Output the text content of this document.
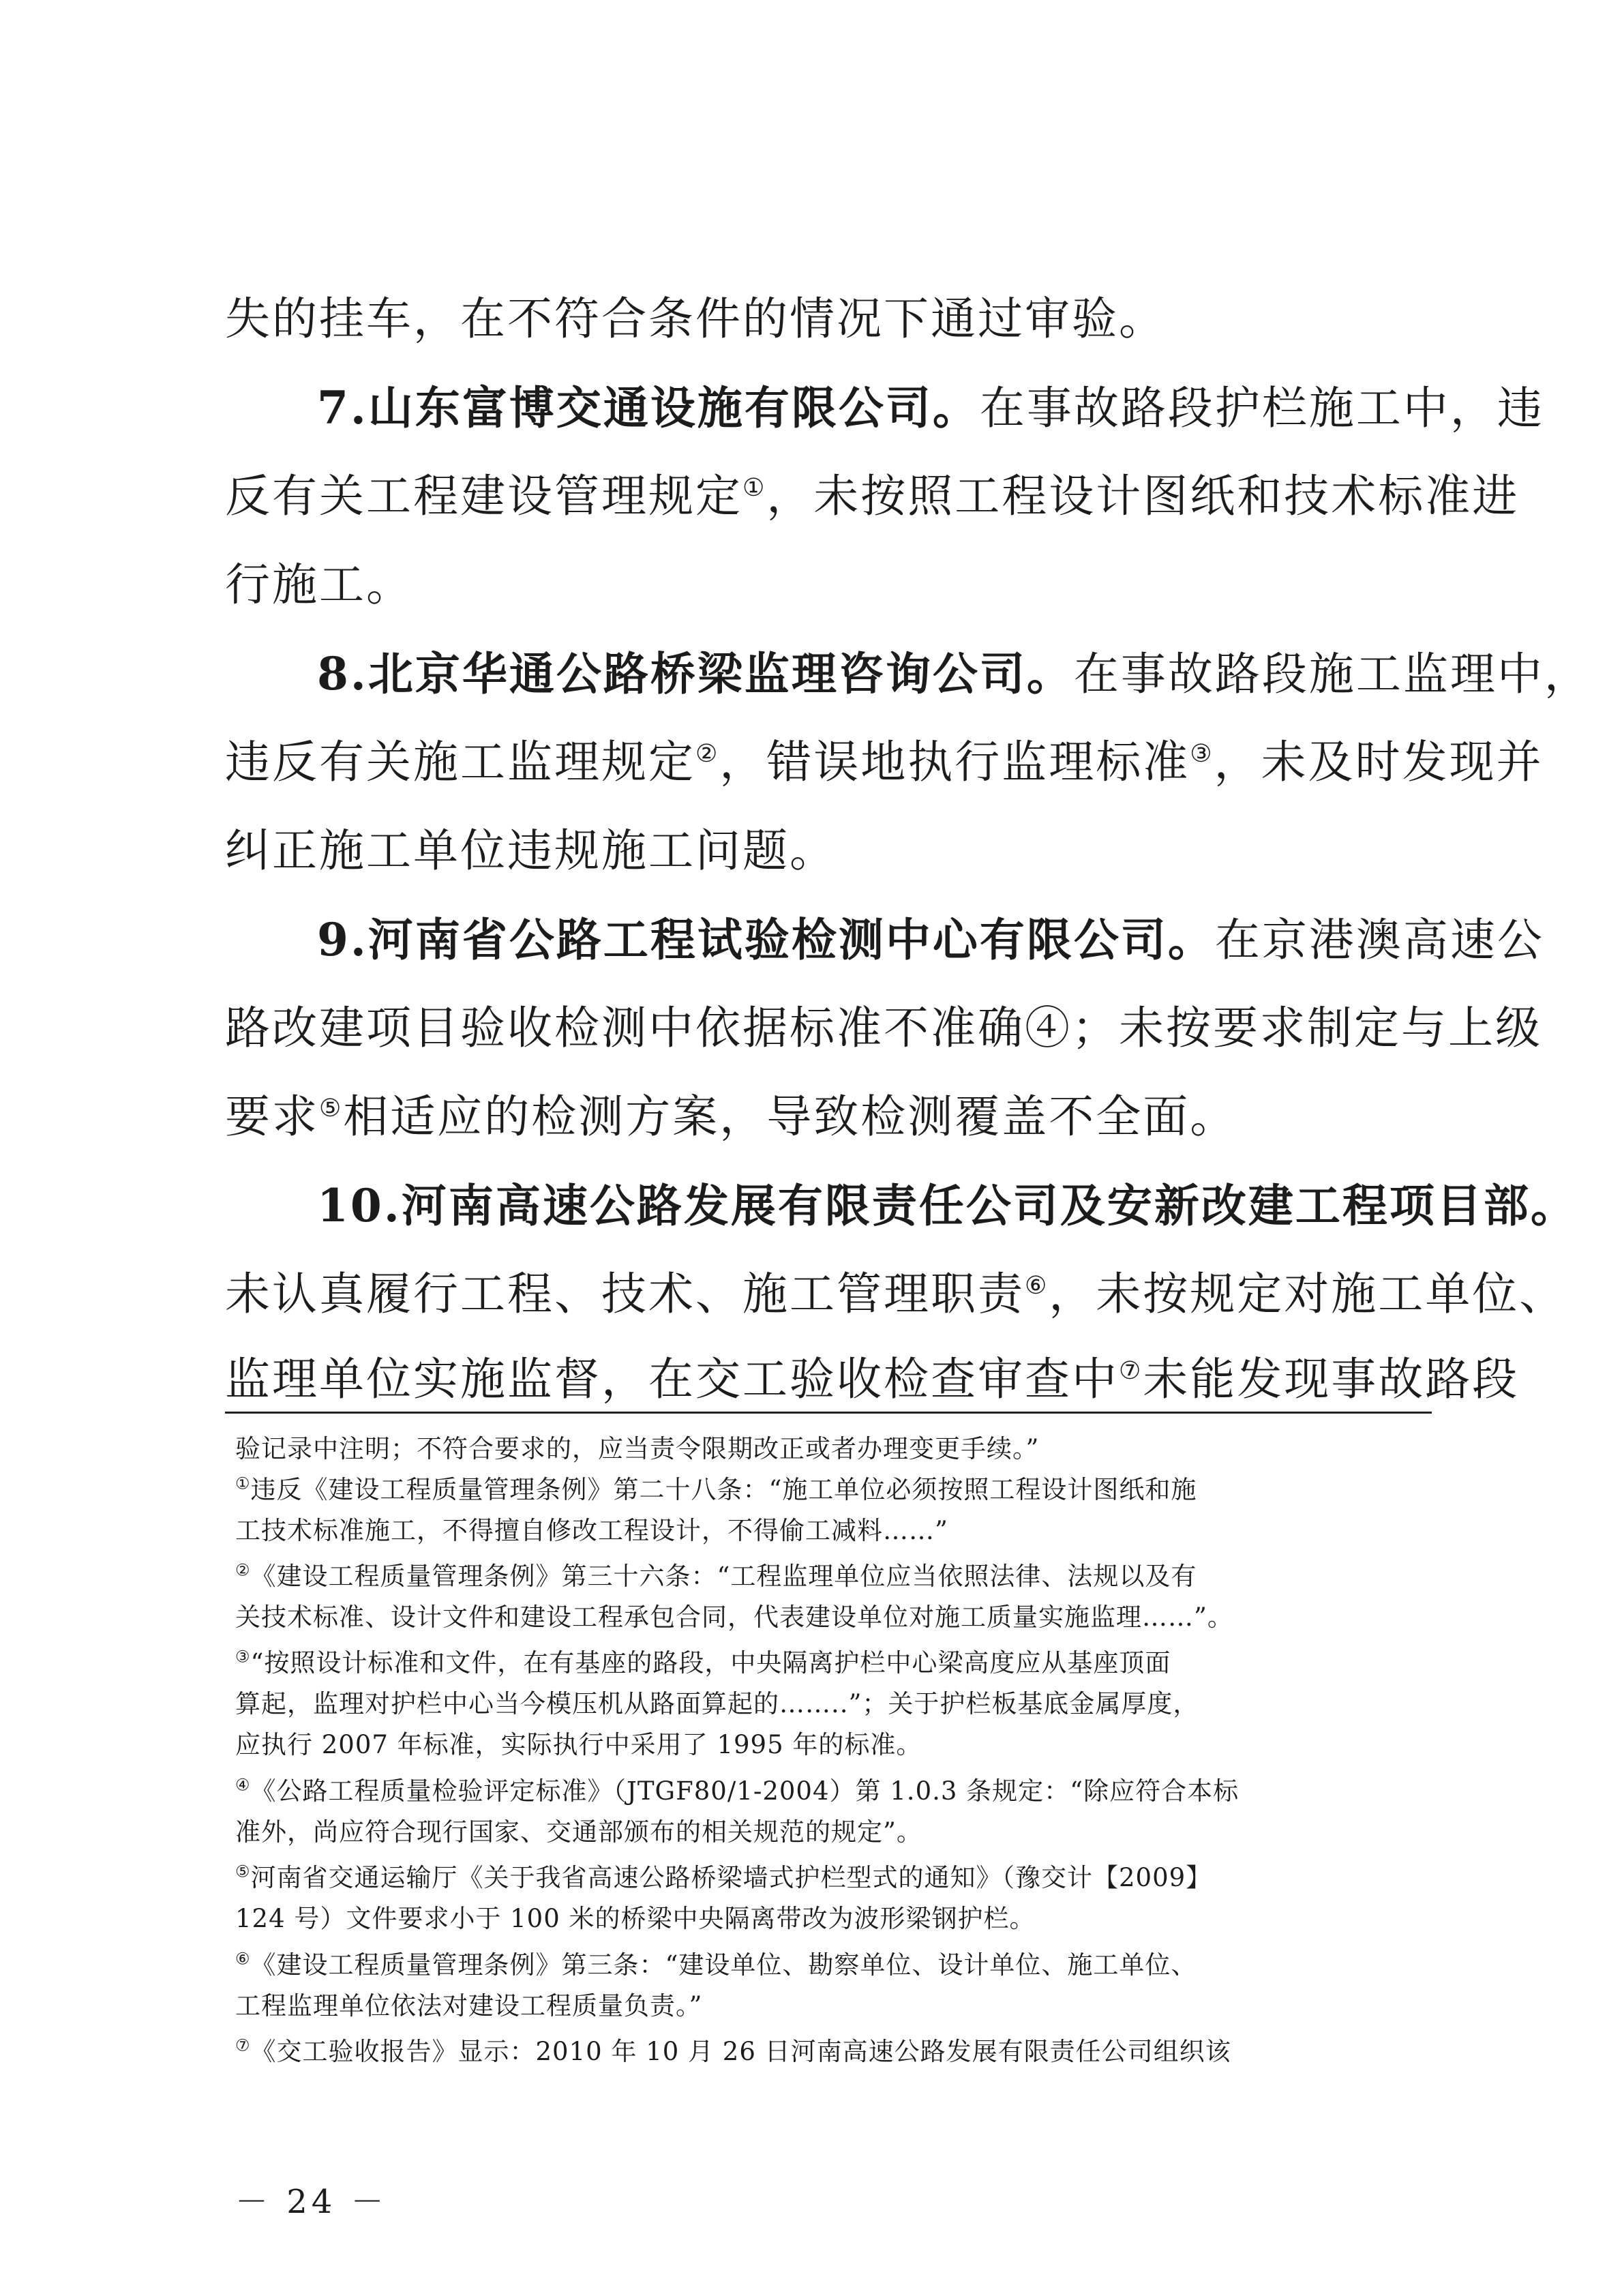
失的挂车，在不符合条件的情况下通过审验。
7.山东富博交通设施有限公司。在事故路段护栏施工中，违
反有关工程建设管理规定①，未按照工程设计图纸和技术标准进
行施工。
8.北京华通公路桥梁监理咨询公司。在事故路段施工监理中，
违反有关施工监理规定②，错误地执行监理标准③，未及时发现并
纠正施工单位违规施工问题。
9.河南省公路工程试验检测中心有限公司。在京港澳高速公
路改建项目验收检测中依据标准不准确④；未按要求制定与上级
要求⑤相适应的检测方案，导致检测覆盖不全面。
10.河南高速公路发展有限责任公司及安新改建工程项目部。
未认真履行工程、技术、施工管理职责⑥，未按规定对施工单位、
监理单位实施监督，在交工验收检查审查中⑦未能发现事故路段
验记录中注明；不符合要求的，应当责令限期改正或者办理变更手续。”
①违反《建设工程质量管理条例》第二十八条：“施工单位必须按照工程设计图纸和施
工技术标准施工，不得擅自修改工程设计，不得偷工减料……”
②《建设工程质量管理条例》第三十六条：“工程监理单位应当依照法律、法规以及有
关技术标准、设计文件和建设工程承包合同，代表建设单位对施工质量实施监理……”。
③“按照设计标准和文件，在有基座的路段，中央隔离护栏中心梁高度应从基座顶面
算起，监理对护栏中心当今模压机从路面算起的……..”；关于护栏板基底金属厚度，
应执行 2007 年标准，实际执行中采用了 1995 年的标准。
④《公路工程质量检验评定标准》（JTGF80/1-2004）第 1.0.3 条规定：“除应符合本标
准外，尚应符合现行国家、交通部颁布的相关规范的规定”。
⑤河南省交通运输厅《关于我省高速公路桥梁墙式护栏型式的通知》（豫交计【2009】
124 号）文件要求小于 100 米的桥梁中央隔离带改为波形梁钢护栏。
⑥《建设工程质量管理条例》第三条：“建设单位、勘察单位、设计单位、施工单位、
工程监理单位依法对建设工程质量负责。”
⑦《交工验收报告》显示：2010 年 10 月 26 日河南高速公路发展有限责任公司组织该
－ 24 －
